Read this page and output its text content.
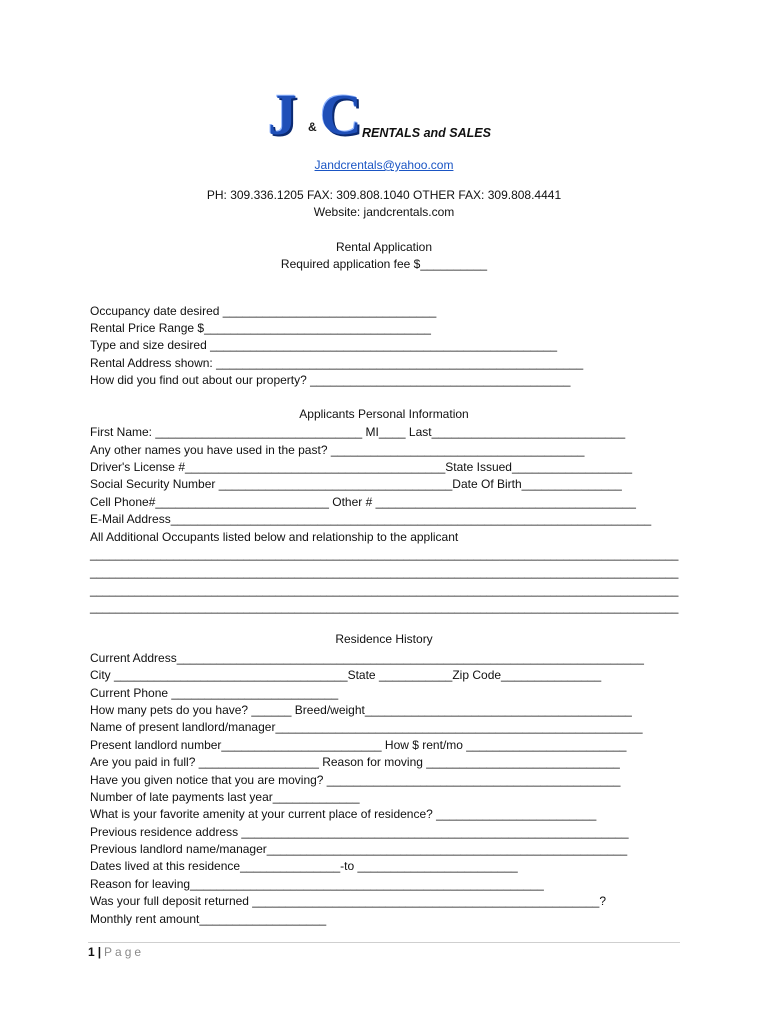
J & C RENTALS and SALES
Jandcrentals@yahoo.com
PH: 309.336.1205 FAX: 309.808.1040 OTHER FAX: 309.808.4441
Website: jandcrentals.com
Rental Application
Required application fee $__________
Occupancy date desired ________________________________
Rental Price Range $__________________________________
Type and size desired ____________________________________________________
Rental Address shown: _______________________________________________________
How did you find out about our property? _______________________________________
Applicants Personal Information
First Name: _______________________________ MI____ Last_____________________________
Any other names you have used in the past? ______________________________________
Driver's License #_______________________________________State Issued__________________
Social Security Number ___________________________________Date Of Birth_______________
Cell Phone#__________________________ Other # _______________________________________
E-Mail Address________________________________________________________________________
All Additional Occupants listed below and relationship to the applicant
____________________________________________________________________________________________
____________________________________________________________________________________________
____________________________________________________________________________________________
____________________________________________________________________________________________
Residence History
Current Address______________________________________________________________________
City ___________________________________State ___________Zip Code_______________
Current Phone _________________________
How many pets do you have? ______ Breed/weight________________________________________
Name of present landlord/manager_______________________________________________________
Present landlord number________________________ How $ rent/mo ________________________
Are you paid in full? __________________ Reason for moving _____________________________
Have you given notice that you are moving? ____________________________________________
Number of late payments last year_____________
What is your favorite amenity at your current place of residence? ________________________
Previous residence address __________________________________________________________
Previous landlord name/manager______________________________________________________
Dates lived at this residence_______________-to ________________________
Reason for leaving_____________________________________________________
Was your full deposit returned ____________________________________________________?
Monthly rent amount___________________
1 | Page
